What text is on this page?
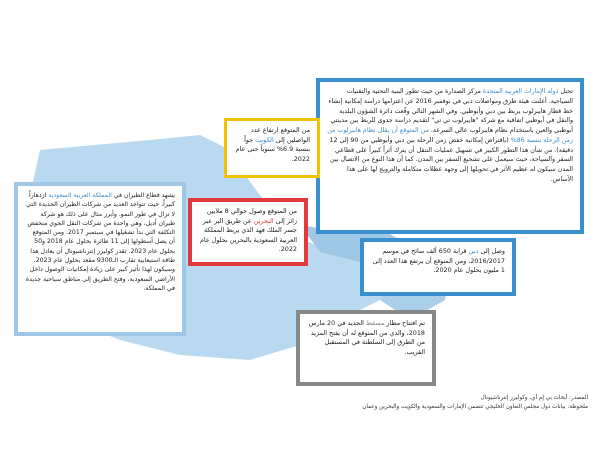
تحتل دولة الإمارات العربية المتحدة مركز الصدارة من حيث تطور البنية التحتية والتقنيات السياحية. أعلنت هيئة طرق ومواصلات دبي في نوفمبر 2016 عن اعتزامها دراسة إمكانية إنشاء خط قطار هايبرلوب يربط بين دبي وأبوظبي. وفي الشهر التالي وقّعت دائرة الشؤون البلدية والنقل في أبوظبي اتفاقية مع شركة "هايبرلوب تي تي" لتقديم دراسة جدوى للربط بين مدينتي أبوظبي والعين باستخدام نظام هايبرلوب عالي السرعة. من المتوقع أن يقلل نظام هايبرلوب من زمن الرحلة بنسبة 86% (باقتراض إمكانية خفض زمن الرحلة بين دبي وأبوظبي من 90 إلى 12 دقيقة). من شأن هذا التطور الكبير في تسهيل عمليات التنقل أن يترك أثراً كبيراً على قطاعي السفر والسياحة، حيث سيعمل على تشجيع السفر بين المدن. كما أن هذا النوع من الاتصال بين المدن سيكون له عظيم الأثر في تحويلها إلى وجهة عطلات متكاملة والترويج لها على هذا الأساس.
من المتوقع ارتفاع عدد الواصلين إلى الكويت جواً بنسبة 6.9% سنوياً حتى عام 2022.
يشهد قطاع الطيران في المملكة العربية السعودية ازدهاراً كبيراً، حيث تتواجد العديد من شركات الطيران الجديدة التي لا تزال في طور النمو. وأبرز مثال على ذلك هو شركة طيران أديل، وهي واحدة من شركات النقل الجوي منخفض التكلفة التي بدأ تشغيلها في سبتمبر 2017. ومن المتوقع أن يصل أسطولها إلى 11 طائرة بحلول عام 2018 و50 بحلول عام 2023. تقدر كوليرز إنترناشيونال أن يعادل هذا طاقة استيعابية تقارب الـ9300 مقعد بحلول عام 2023. وسيكون لهذا تأثير كبير على زيادة إمكانيات الوصول داخل الأراضي السعودية، وفتح الطريق إلى مناطق سياحية جديدة في المملكة.
من المتوقع وصول حوالي 8 ملايين زائر إلى البحرين عن طريق البر عبر جسر الملك فهد الذي يربط المملكة العربية السعودية بالبحرين بحلول عام 2022.	وصل إلى دبي قرابة 650 ألف سائح في موسم 2016/2017، ومن المتوقع أن يرتفع هذا العدد إلى 1 مليون بحلول عام 2020.
تم افتتاح مطار مسقط الجديد في 20 مارس 2018، والذي من المتوقع له أن يفتح المزيد من الطرق إلى السلطنة في المستقبل القريب.
المصدر: أبحاث بي إم أي، وكوليرز إنترناشيونال
ملحوظة: بيانات دول مجلس التعاون الخليجي تتضمن الإمارات والسعودية والكويت والبحرين وعمان
